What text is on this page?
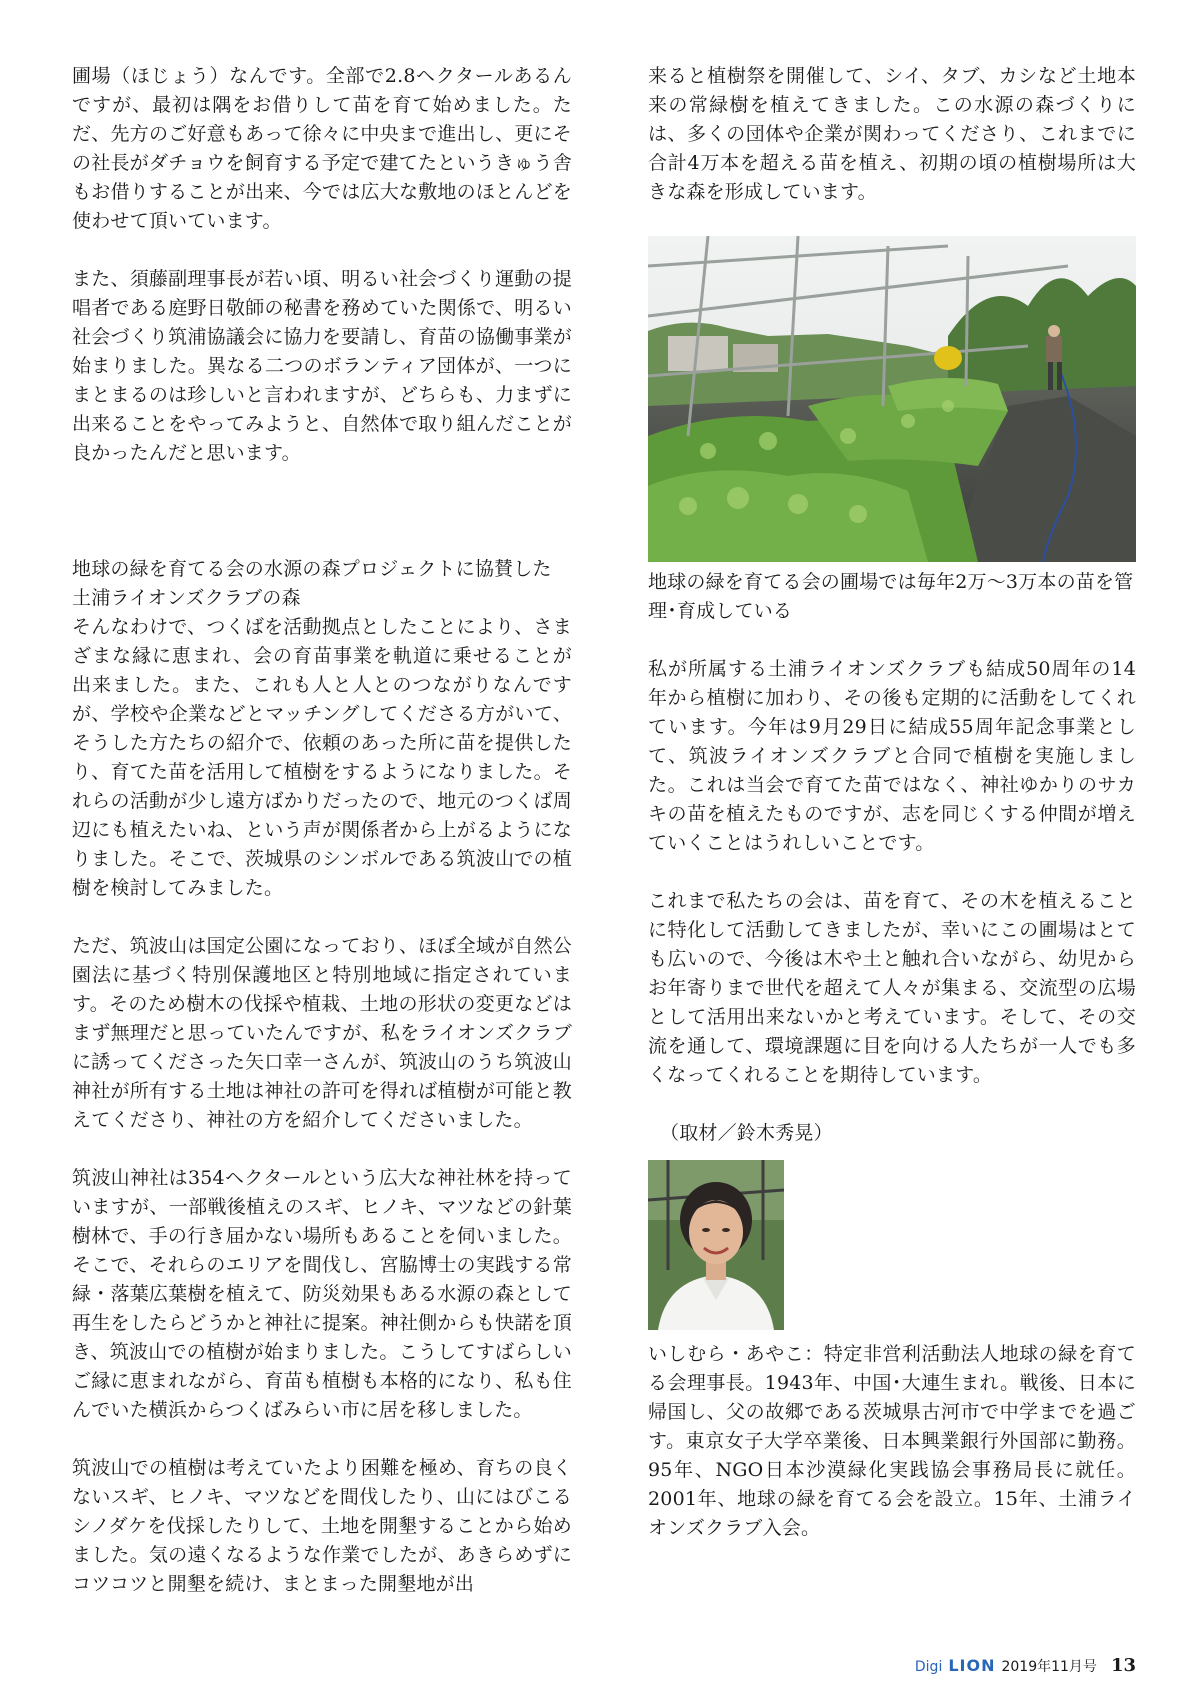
圃場（ほじょう）なんです。全部で2.8ヘクタールあるんですが、最初は隅をお借りして苗を育て始めました。ただ、先方のご好意もあって徐々に中央まで進出し、更にその社長がダチョウを飼育する予定で建てたというきゅう舎もお借りすることが出来、今では広大な敷地のほとんどを使わせて頂いています。

また、須藤副理事長が若い頃、明るい社会づくり運動の提唱者である庭野日敬師の秘書を務めていた関係で、明るい社会づくり筑浦協議会に協力を要請し、育苗の協働事業が始まりました。異なる二つのボランティア団体が、一つにまとまるのは珍しいと言われますが、どちらも、力まずに出来ることをやってみようと、自然体で取り組んだことが良かったんだと思います。

地球の緑を育てる会の水源の森プロジェクトに協賛した
土浦ライオンズクラブの森

そんなわけで、つくばを活動拠点としたことにより、さまざまな縁に恵まれ、会の育苗事業を軌道に乗せることが出来ました。また、これも人と人とのつながりなんですが、学校や企業などとマッチングしてくださる方がいて、そうした方たちの紹介で、依頼のあった所に苗を提供したり、育てた苗を活用して植樹をするようになりました。それらの活動が少し遠方ばかりだったので、地元のつくば周辺にも植えたいね、という声が関係者から上がるようになりました。そこで、茨城県のシンボルである筑波山での植樹を検討してみました。

ただ、筑波山は国定公園になっており、ほぼ全域が自然公園法に基づく特別保護地区と特別地域に指定されています。そのため樹木の伐採や植栽、土地の形状の変更などはまず無理だと思っていたんですが、私をライオンズクラブに誘ってくださった矢口幸一さんが、筑波山のうち筑波山神社が所有する土地は神社の許可を得れば植樹が可能と教えてくださり、神社の方を紹介してくださいました。

筑波山神社は354ヘクタールという広大な神社林を持っていますが、一部戦後植えのスギ、ヒノキ、マツなどの針葉樹林で、手の行き届かない場所もあることを伺いました。そこで、それらのエリアを間伐し、宮脇博士の実践する常緑・落葉広葉樹を植えて、防災効果もある水源の森として再生をしたらどうかと神社に提案。神社側からも快諾を頂き、筑波山での植樹が始まりました。こうしてすばらしいご縁に恵まれながら、育苗も植樹も本格的になり、私も住んでいた横浜からつくばみらい市に居を移しました。

筑波山での植樹は考えていたより困難を極め、育ちの良くないスギ、ヒノキ、マツなどを間伐したり、山にはびこるシノダケを伐採したりして、土地を開墾することから始めました。気の遠くなるような作業でしたが、あきらめずにコツコツと開墾を続け、まとまった開墾地が出

来ると植樹祭を開催して、シイ、タブ、カシなど土地本来の常緑樹を植えてきました。この水源の森づくりには、多くの団体や企業が関わってくださり、これまでに合計4万本を超える苗を植え、初期の頃の植樹場所は大きな森を形成しています。

地球の緑を育てる会の圃場では毎年2万〜3万本の苗を管理･育成している

私が所属する土浦ライオンズクラブも結成50周年の14年から植樹に加わり、その後も定期的に活動をしてくれています。今年は9月29日に結成55周年記念事業として、筑波ライオンズクラブと合同で植樹を実施しました。これは当会で育てた苗ではなく、神社ゆかりのサカキの苗を植えたものですが、志を同じくする仲間が増えていくことはうれしいことです。

これまで私たちの会は、苗を育て、その木を植えることに特化して活動してきましたが、幸いにこの圃場はとても広いので、今後は木や土と触れ合いながら、幼児からお年寄りまで世代を超えて人々が集まる、交流型の広場として活用出来ないかと考えています。そして、その交流を通して、環境課題に目を向ける人たちが一人でも多くなってくれることを期待しています。

（取材／鈴木秀晃）

いしむら・あやこ：特定非営利活動法人地球の緑を育てる会理事長。1943年、中国･大連生まれ。戦後、日本に帰国し、父の故郷である茨城県古河市で中学までを過ごす。東京女子大学卒業後、日本興業銀行外国部に勤務。95年、NGO日本沙漠緑化実践協会事務局長に就任。2001年、地球の緑を育てる会を設立。15年、土浦ライオンズクラブ入会。

Digi LION 2019年11月号 13
